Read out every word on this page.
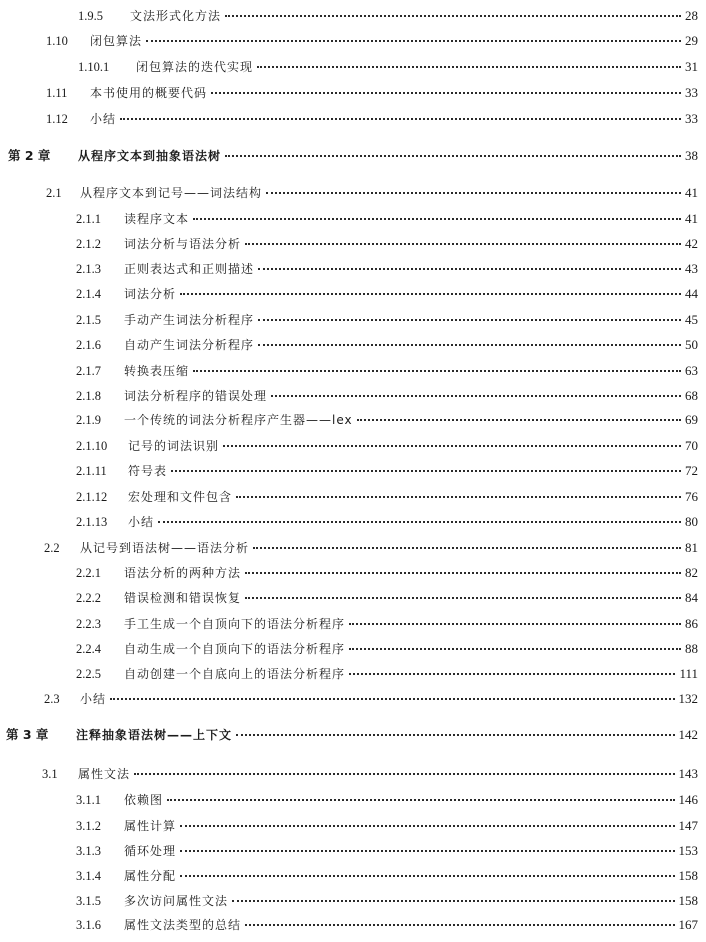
1.9.5	文法形式化方法	28
1.10	闭包算法	29
1.10.1	闭包算法的迭代实现	31
1.11	本书使用的概要代码	33
1.12	小结	33
第 2 章	从程序文本到抽象语法树	38
2.1	从程序文本到记号——词法结构	41
2.1.1	读程序文本	41
2.1.2	词法分析与语法分析	42
2.1.3	正则表达式和正则描述	43
2.1.4	词法分析	44
2.1.5	手动产生词法分析程序	45
2.1.6	自动产生词法分析程序	50
2.1.7	转换表压缩	63
2.1.8	词法分析程序的错误处理	68
2.1.9	一个传统的词法分析程序产生器——lex	69
2.1.10	记号的词法识别	70
2.1.11	符号表	72
2.1.12	宏处理和文件包含	76
2.1.13	小结	80
2.2	从记号到语法树——语法分析	81
2.2.1	语法分析的两种方法	82
2.2.2	错误检测和错误恢复	84
2.2.3	手工生成一个自顶向下的语法分析程序	86
2.2.4	自动生成一个自顶向下的语法分析程序	88
2.2.5	自动创建一个自底向上的语法分析程序	111
2.3	小结	132
第 3 章	注释抽象语法树——上下文	142
3.1	属性文法	143
3.1.1	依赖图	146
3.1.2	属性计算	147
3.1.3	循环处理	153
3.1.4	属性分配	158
3.1.5	多次访问属性文法	158
3.1.6	属性文法类型的总结	167
